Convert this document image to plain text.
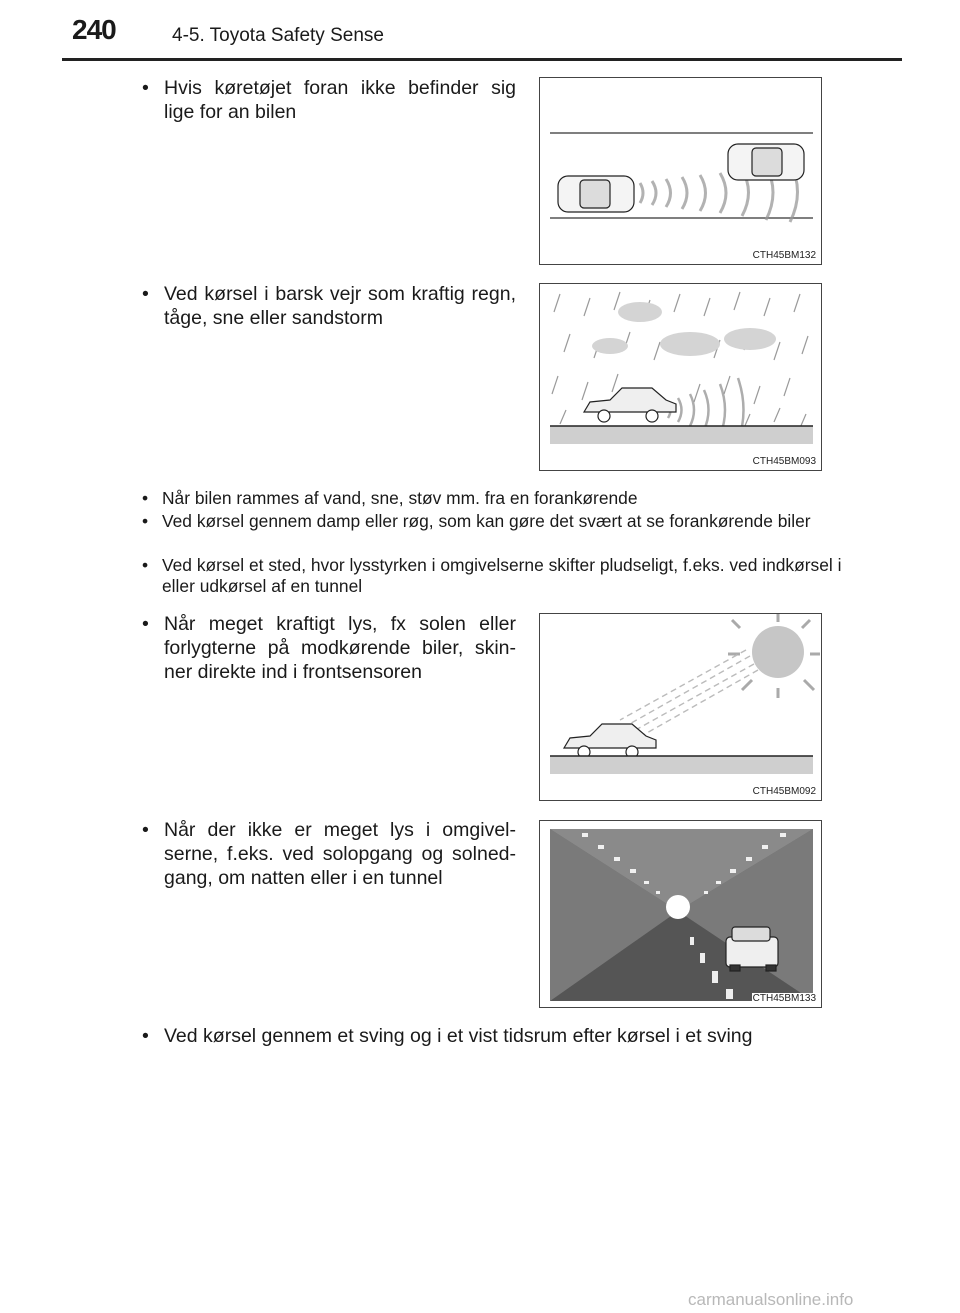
240	4-5. Toyota Safety Sense
• Hvis køretøjet foran ikke befinder sig lige for an bilen
CTH45BM132
• Ved kørsel i barsk vejr som kraftig regn, tåge, sne eller sandstorm
CTH45BM093
• Når bilen rammes af vand, sne, støv mm. fra en forankørende
• Ved kørsel gennem damp eller røg, som kan gøre det svært at se forankørende biler
• Ved kørsel et sted, hvor lysstyrken i omgivelserne skifter pludseligt, f.eks. ved indkørsel i eller udkørsel af en tunnel
• Når meget kraftigt lys, fx solen eller forlygterne på modkørende biler, skin-ner direkte ind i frontsensoren
CTH45BM092
• Når der ikke er meget lys i omgivel-serne, f.eks. ved solopgang og solned-gang, om natten eller i en tunnel
CTH45BM133
• Ved kørsel gennem et sving og i et vist tidsrum efter kørsel i et sving
carmanualsonline.info
